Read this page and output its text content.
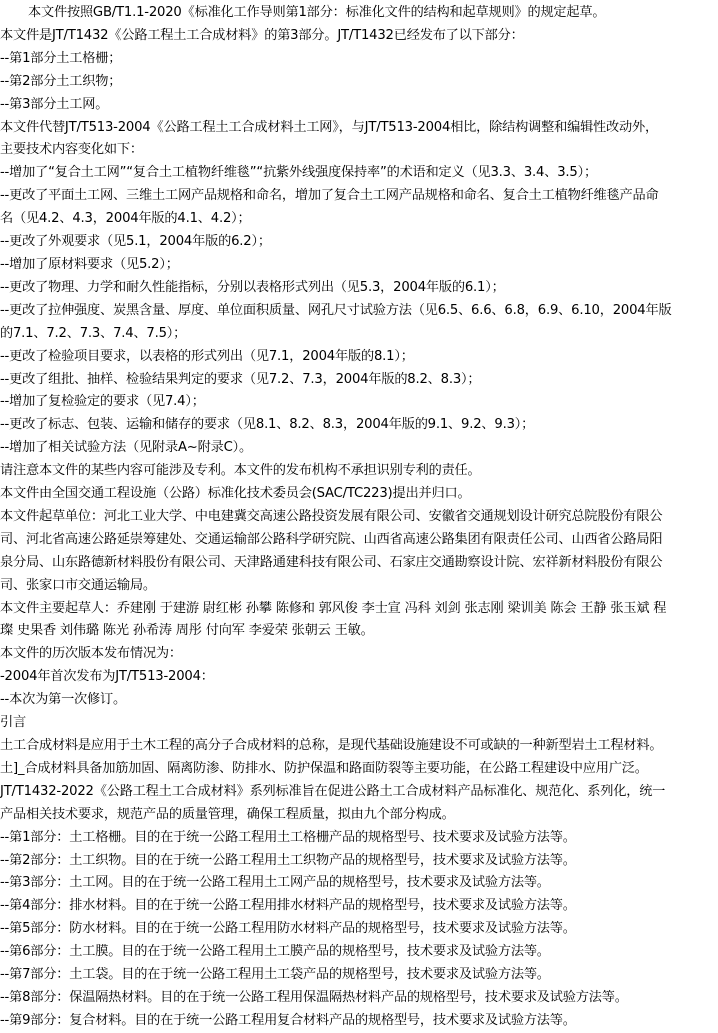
本文件按照GB/T1.1-2020《标准化工作导则第1部分：标准化文件的结构和起草规则》的规定起草。

本文件是JT/T1432《公路工程土工合成材料》的第3部分。JT/T1432已经发布了以下部分：

--第1部分土工格栅；

--第2部分土工织物；

--第3部分土工网。

本文件代替JT/T513-2004《公路工程土工合成材料土工网》，与JT/T513-2004相比，除结构调整和编辑性改动外，

主要技术内容变化如下：

--增加了“复合土工网”“复合土工植物纤维毯”“抗紫外线强度保持率”的术语和定义（见3.3、3.4、3.5）；

--更改了平面土工网、三维土工网产品规格和命名，增加了复合土工网产品规格和命名、复合土工植物纤维毯产品命

名（见4.2、4.3，2004年版的4.1、4.2）；

--更改了外观要求（见5.1，2004年版的6.2）；

--增加了原材料要求（见5.2）；

--更改了物理、力学和耐久性能指标，分别以表格形式列出（见5.3，2004年版的6.1）；

--更改了拉伸强度、炭黑含量、厚度、单位面积质量、网孔尺寸试验方法（见6.5、6.6、6.8，6.9、6.10，2004年版

的7.1、7.2、7.3、7.4、7.5）；

--更改了检验项目要求，以表格的形式列出（见7.1，2004年版的8.1）；

--更改了组批、抽样、检验结果判定的要求（见7.2、7.3，2004年版的8.2、8.3）；

--增加了复检验定的要求（见7.4）；

--更改了标志、包装、运输和储存的要求（见8.1、8.2、8.3，2004年版的9.1、9.2、9.3）；

--增加了相关试验方法（见附录A~附录C）。

请注意本文件的某些内容可能涉及专利。本文件的发布机构不承担识别专利的责任。

本文件由全国交通工程设施（公路）标准化技术委员会(SAC/TC223)提出并归口。

本文件起草单位：河北工业大学、中电建冀交高速公路投资发展有限公司、安徽省交通规划设计研究总院股份有限公

司、河北省高速公路延崇筹建处、交通运输部公路科学研究院、山西省高速公路集团有限责任公司、山西省公路局阳

泉分局、山东路德新材料股份有限公司、天津路通建科技有限公司、石家庄交通勘察设计院、宏祥新材料股份有限公

司、张家口市交通运输局。

本文件主要起草人：乔建刚 于建游 尉红彬 孙攀 陈修和 郭风俊 李士宣 冯科 刘剑 张志刚 梁训美 陈会 王静 张玉斌 程

璨 史果香 刘伟璐 陈光 孙希涛 周彤 付向军 李爱荣 张朝云 王敏。

本文件的历次版本发布情况为：

-2004年首次发布为JT/T513-2004：

--本次为第一次修订。

引言

土工合成材料是应用于土木工程的高分子合成材料的总称，是现代基础设施建设不可或缺的一种新型岩土工程材料。

土]_合成材料具备加筋加固、隔离防渗、防排水、防护保温和路面防裂等主要功能，在公路工程建设中应用广泛。

JT/T1432-2022《公路工程土工合成材料》系列标准旨在促进公路土工合成材料产品标准化、规范化、系列化，统一

产品相关技术要求，规范产品的质量管理，确保工程质量，拟由九个部分构成。

--第1部分：土工格栅。目的在于统一公路工程用土工格栅产品的规格型号、技术要求及试验方法等。

--第2部分：土工织物。目的在于统一公路工程用土工织物产品的规格型号，技术要求及试验方法等。

--第3部分：土工网。目的在于统一公路工程用土工网产品的规格型号，技术要求及试验方法等。

--第4部分：排水材料。目的在于统一公路工程用排水材料产品的规格型号，技术要求及试验方法等。

--第5部分：防水材料。目的在于统一公路工程用防水材料产品的规格型号，技术要求及试验方法等。

--第6部分：土工膜。目的在于统一公路工程用土工膜产品的规格型号，技术要求及试验方法等。

--第7部分：土工袋。目的在于统一公路工程用土工袋产品的规格型号，技术要求及试验方法等。

--第8部分：保温隔热材料。目的在于统一公路工程用保温隔热材料产品的规格型号，技术要求及试验方法等。

--第9部分：复合材料。目的在于统一公路工程用复合材料产品的规格型号，技术要求及试验方法等。
